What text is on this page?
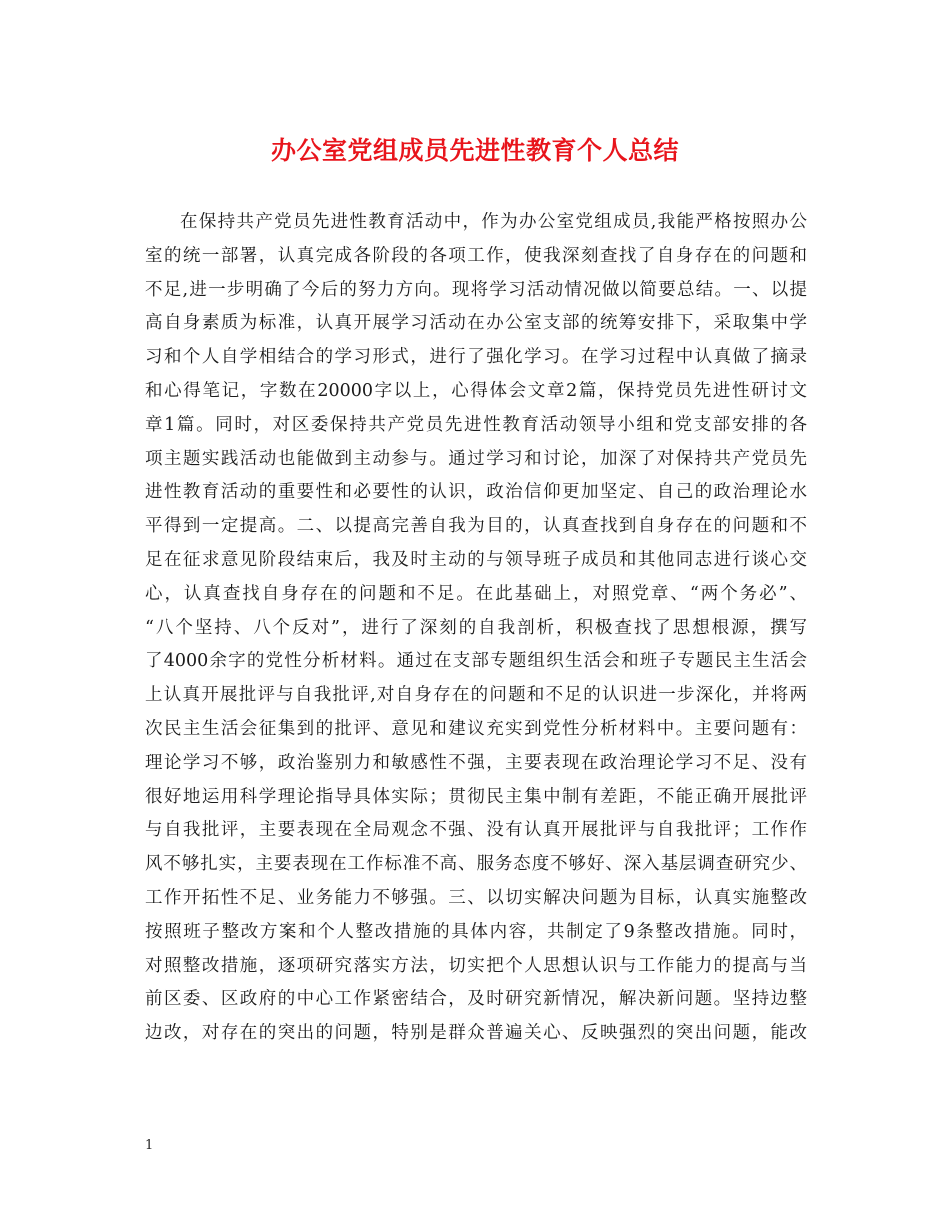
办公室党组成员先进性教育个人总结
在保持共产党员先进性教育活动中，作为办公室党组成员,我能严格按照办公
室的统一部署，认真完成各阶段的各项工作，使我深刻查找了自身存在的问题和
不足,进一步明确了今后的努力方向。现将学习活动情况做以简要总结。一、以提
高自身素质为标准，认真开展学习活动在办公室支部的统筹安排下，采取集中学
习和个人自学相结合的学习形式，进行了强化学习。在学习过程中认真做了摘录
和心得笔记，字数在20000字以上，心得体会文章2篇，保持党员先进性研讨文
章1篇。同时，对区委保持共产党员先进性教育活动领导小组和党支部安排的各
项主题实践活动也能做到主动参与。通过学习和讨论，加深了对保持共产党员先
进性教育活动的重要性和必要性的认识，政治信仰更加坚定、自己的政治理论水
平得到一定提高。二、以提高完善自我为目的，认真查找到自身存在的问题和不
足在征求意见阶段结束后，我及时主动的与领导班子成员和其他同志进行谈心交
心，认真查找自身存在的问题和不足。在此基础上，对照党章、“两个务必”、
“八个坚持、八个反对”，进行了深刻的自我剖析，积极查找了思想根源，撰写
了4000余字的党性分析材料。通过在支部专题组织生活会和班子专题民主生活会
上认真开展批评与自我批评,对自身存在的问题和不足的认识进一步深化，并将两
次民主生活会征集到的批评、意见和建议充实到党性分析材料中。主要问题有：
理论学习不够，政治鉴别力和敏感性不强，主要表现在政治理论学习不足、没有
很好地运用科学理论指导具体实际；贯彻民主集中制有差距，不能正确开展批评
与自我批评，主要表现在全局观念不强、没有认真开展批评与自我批评；工作作
风不够扎实，主要表现在工作标准不高、服务态度不够好、深入基层调查研究少、
工作开拓性不足、业务能力不够强。三、以切实解决问题为目标，认真实施整改
按照班子整改方案和个人整改措施的具体内容，共制定了9条整改措施。同时，
对照整改措施，逐项研究落实方法，切实把个人思想认识与工作能力的提高与当
前区委、区政府的中心工作紧密结合，及时研究新情况，解决新问题。坚持边整
边改，对存在的突出的问题，特别是群众普遍关心、反映强烈的突出问题，能改
1
